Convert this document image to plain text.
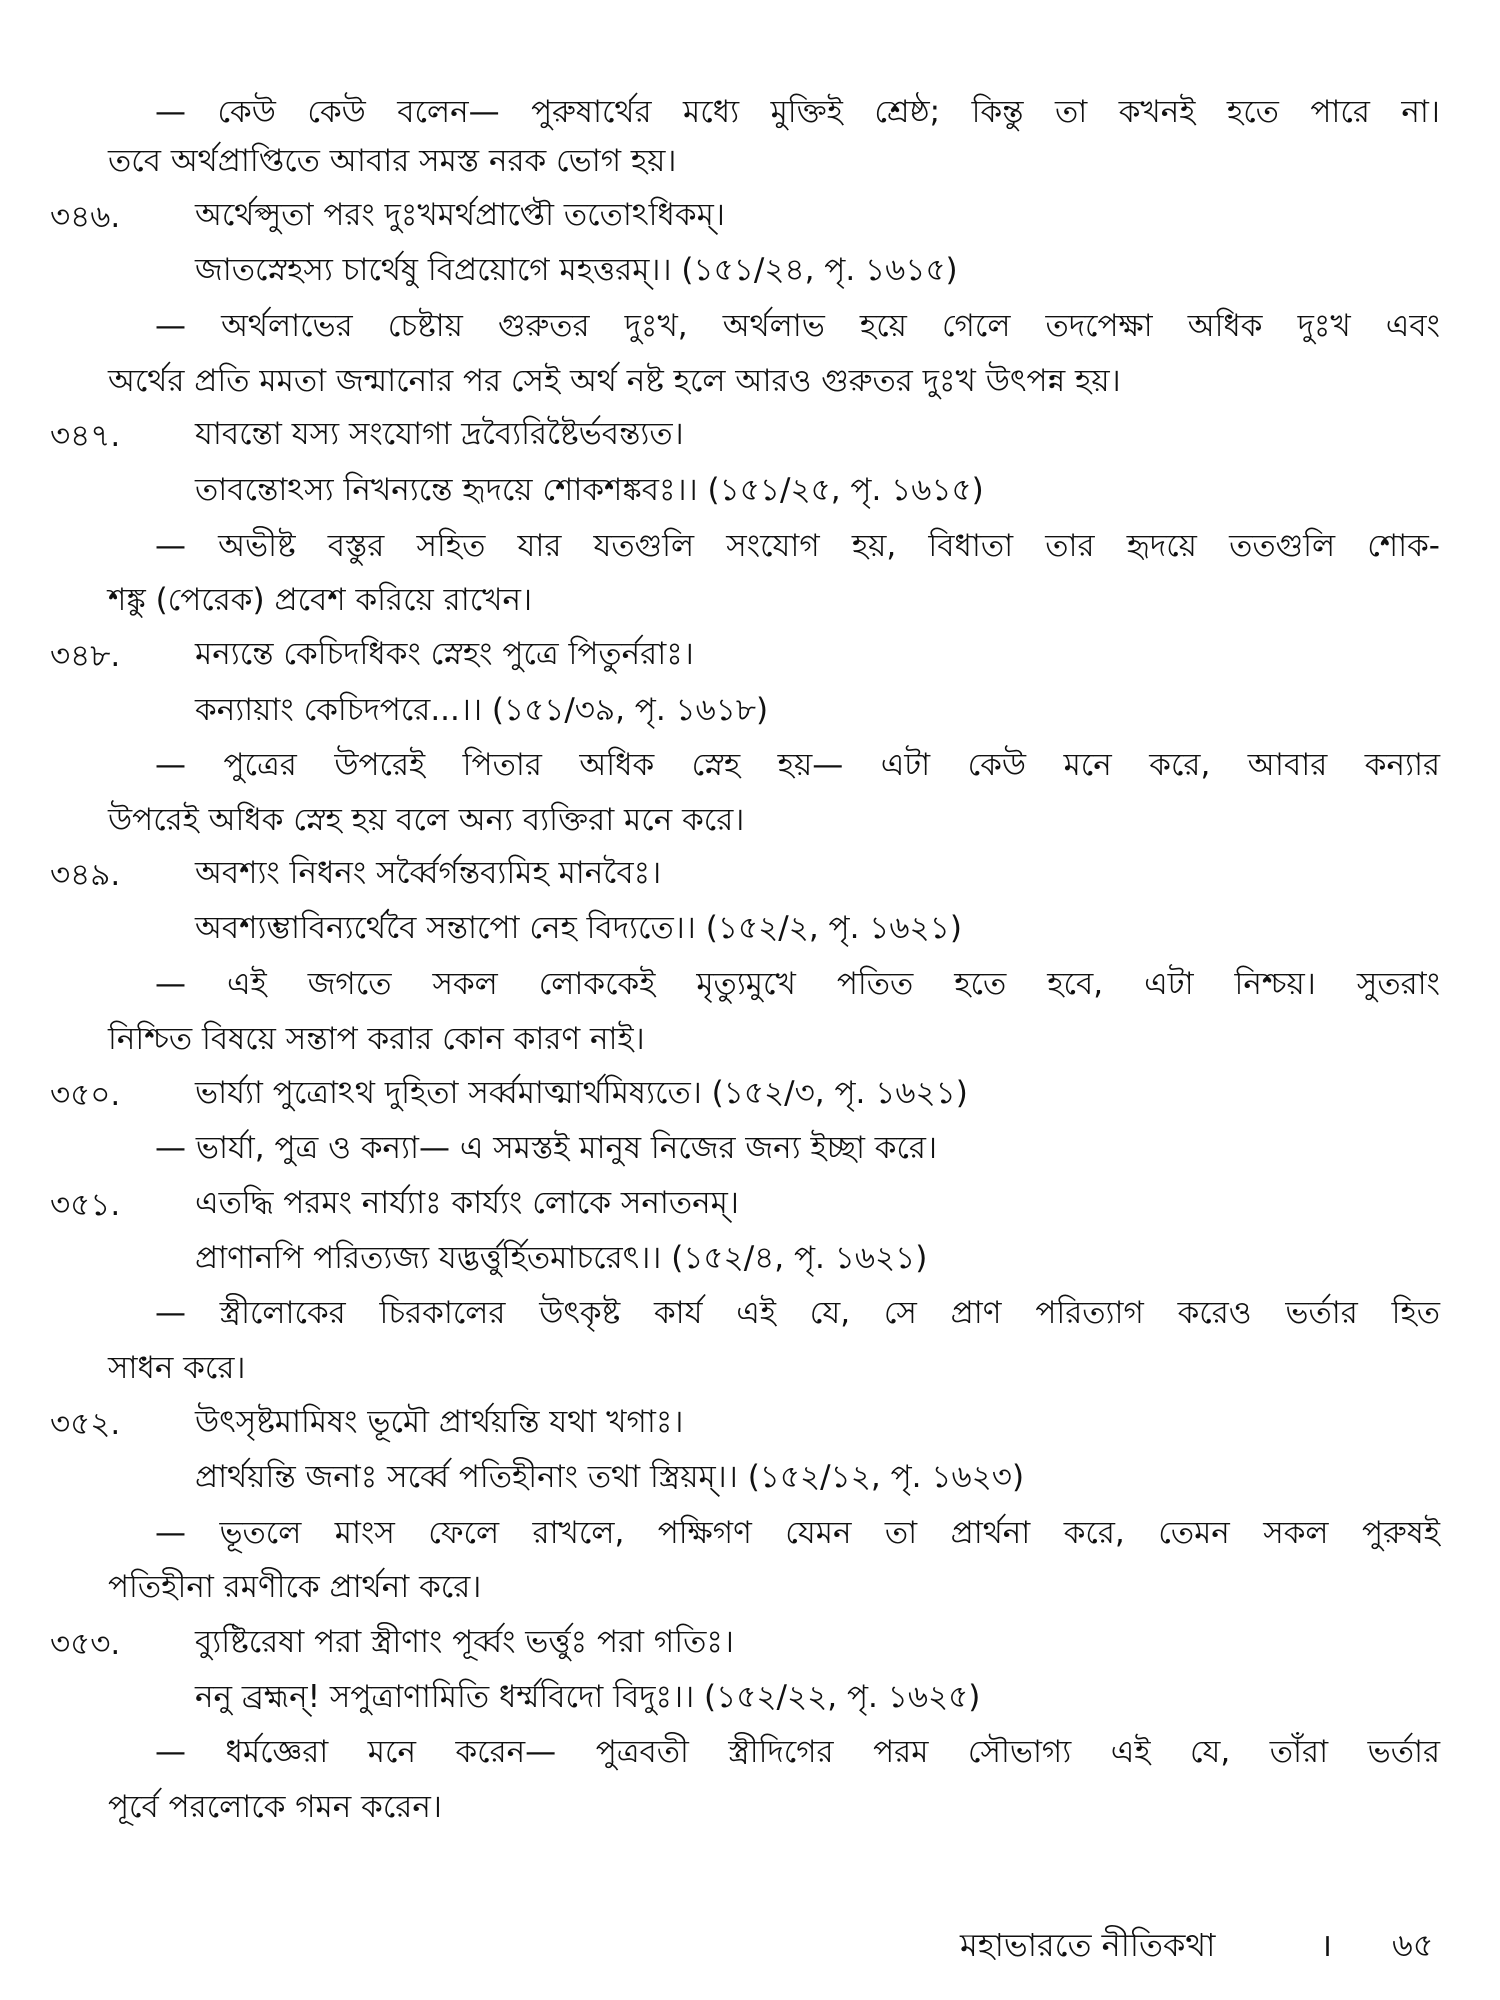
— কেউ কেউ বলেন— পুরুষার্থের মধ্যে মুক্তিই শ্রেষ্ঠ; কিন্তু তা কখনই হতে পারে না।
তবে অর্থপ্রাপ্তিতে আবার সমস্ত নরক ভোগ হয়।
৩৪৬. অর্থেপ্সুতা পরং দুঃখমর্থপ্রাপ্তৌ ততোঽধিকম্।
জাতস্নেহস্য চার্থেষু বিপ্রয়োগে মহত্তরম্।। (১৫১/২৪, পৃ. ১৬১৫)
— অর্থলাভের চেষ্টায় গুরুতর দুঃখ, অর্থলাভ হয়ে গেলে তদপেক্ষা অধিক দুঃখ এবং
অর্থের প্রতি মমতা জন্মানোর পর সেই অর্থ নষ্ট হলে আরও গুরুতর দুঃখ উৎপন্ন হয়।
৩৪৭. যাবন্তো যস্য সংযোগা দ্রব্যৈরিষ্টৈর্ভবন্ত্যত।
তাবন্তোঽস্য নিখন্যন্তে হৃদয়ে শোকশঙ্কবঃ।। (১৫১/২৫, পৃ. ১৬১৫)
— অভীষ্ট বস্তুর সহিত যার যতগুলি সংযোগ হয়, বিধাতা তার হৃদয়ে ততগুলি শোক-
শঙ্কু (পেরেক) প্রবেশ করিয়ে রাখেন।
৩৪৮. মন্যন্তে কেচিদধিকং স্নেহং পুত্রে পিতুর্নরাঃ।
কন্যায়াং কেচিদপরে...।। (১৫১/৩৯, পৃ. ১৬১৮)
— পুত্রের উপরেই পিতার অধিক স্নেহ হয়— এটা কেউ মনে করে, আবার কন্যার
উপরেই অধিক স্নেহ হয় বলে অন্য ব্যক্তিরা মনে করে।
৩৪৯. অবশ্যং নিধনং সর্ব্বৈর্গন্তব্যমিহ মানবৈঃ।
অবশ্যম্ভাবিন্যর্থেবৈ সন্তাপো নেহ বিদ্যতে।। (১৫২/২, পৃ. ১৬২১)
— এই জগতে সকল লোককেই মৃত্যুমুখে পতিত হতে হবে, এটা নিশ্চয়। সুতরাং
নিশ্চিত বিষয়ে সন্তাপ করার কোন কারণ নাই।
৩৫০. ভার্য্যা পুত্রোঽথ দুহিতা সর্ব্বমাত্মার্থমিষ্যতে। (১৫২/৩, পৃ. ১৬২১)
— ভার্যা, পুত্র ও কন্যা— এ সমস্তই মানুষ নিজের জন্য ইচ্ছা করে।
৩৫১. এতদ্ধি পরমং নার্য্যাঃ কার্য্যং লোকে সনাতনম্।
প্রাণানপি পরিত্যজ্য যদ্ভর্ত্তুর্হিতমাচরেৎ।। (১৫২/৪, পৃ. ১৬২১)
— স্ত্রীলোকের চিরকালের উৎকৃষ্ট কার্য এই যে, সে প্রাণ পরিত্যাগ করেও ভর্তার হিত
সাধন করে।
৩৫২. উৎসৃষ্টমামিষং ভূমৌ প্রার্থয়ন্তি যথা খগাঃ।
প্রার্থয়ন্তি জনাঃ সর্ব্বে পতিহীনাং তথা স্ত্রিয়ম্।। (১৫২/১২, পৃ. ১৬২৩)
— ভূতলে মাংস ফেলে রাখলে, পক্ষিগণ যেমন তা প্রার্থনা করে, তেমন সকল পুরুষই
পতিহীনা রমণীকে প্রার্থনা করে।
৩৫৩. ব্যুষ্টিরেষা পরা স্ত্রীণাং পূর্ব্বং ভর্ত্তুঃ পরা গতিঃ।
ননু ব্রহ্মন্! সপুত্রাণামিতি ধর্ম্মবিদো বিদুঃ।। (১৫২/২২, পৃ. ১৬২৫)
— ধর্মজ্ঞেরা মনে করেন— পুত্রবতী স্ত্রীদিগের পরম সৌভাগ্য এই যে, তাঁরা ভর্তার
পূর্বে পরলোকে গমন করেন।
মহাভারতে নীতিকথা	। ৬৫
